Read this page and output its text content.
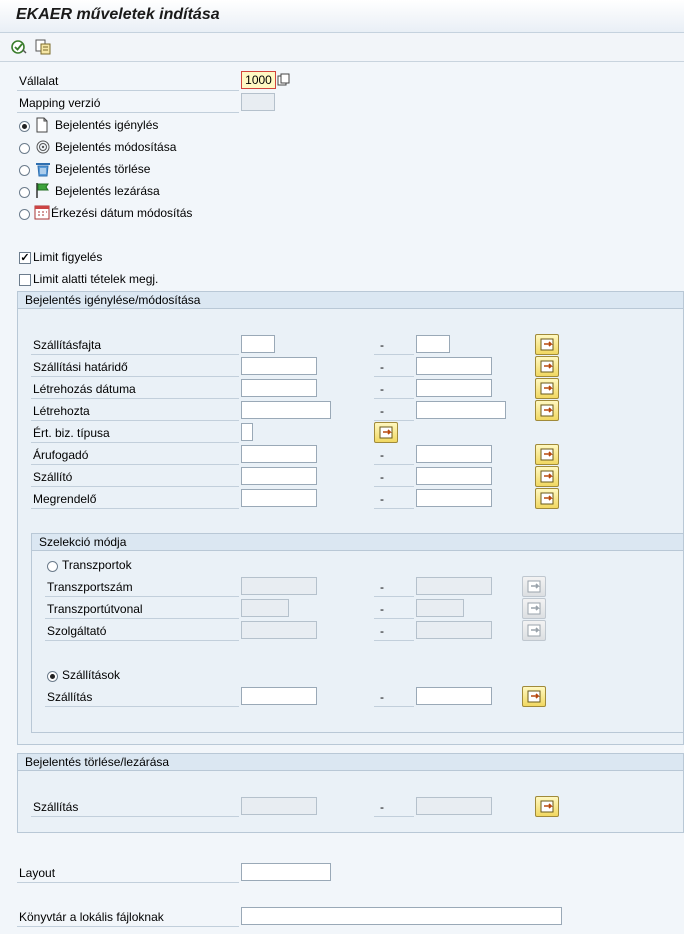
EKAER műveletek indítása
Vállalat	1000
Mapping verzió
Bejelentés igénylés
Bejelentés módosítása
Bejelentés törlése
Bejelentés lezárása
Érkezési dátum módosítás
✓ Limit figyelés
Limit alatti tételek megj.
Bejelentés igénylése/módosítása
Szállításfajta	-
Szállítási határidő	-
Létrehozás dátuma	-
Létrehozta	-
Ért. biz. típusa
Árufogadó	-
Szállító	-
Megrendelő	-
Szelekció módja
Transzportok
Transzportszám	-
Transzportútvonal	-
Szolgáltató	-
Szállítások
Szállítás	-
Bejelentés törlése/lezárása
Szállítás	-
Layout
Könyvtár a lokális fájloknak
